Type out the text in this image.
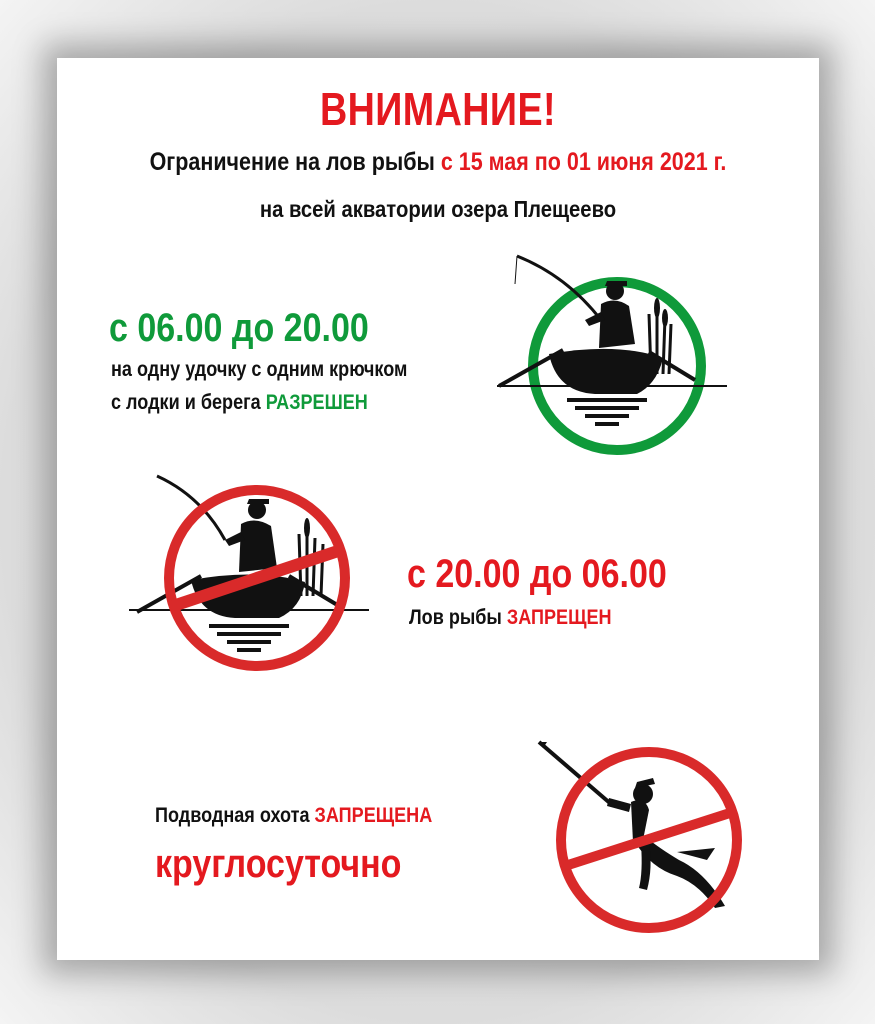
ВНИМАНИЕ!
Ограничение на лов рыбы с 15 мая по 01 июня 2021 г.
на всей акватории озера Плещеево
с 06.00 до 20.00
на одну удочку с одним крючком
с лодки и берега РАЗРЕШЕН
с 20.00 до 06.00
Лов рыбы ЗАПРЕЩЕН
Подводная охота ЗАПРЕЩЕНА
круглосуточно
